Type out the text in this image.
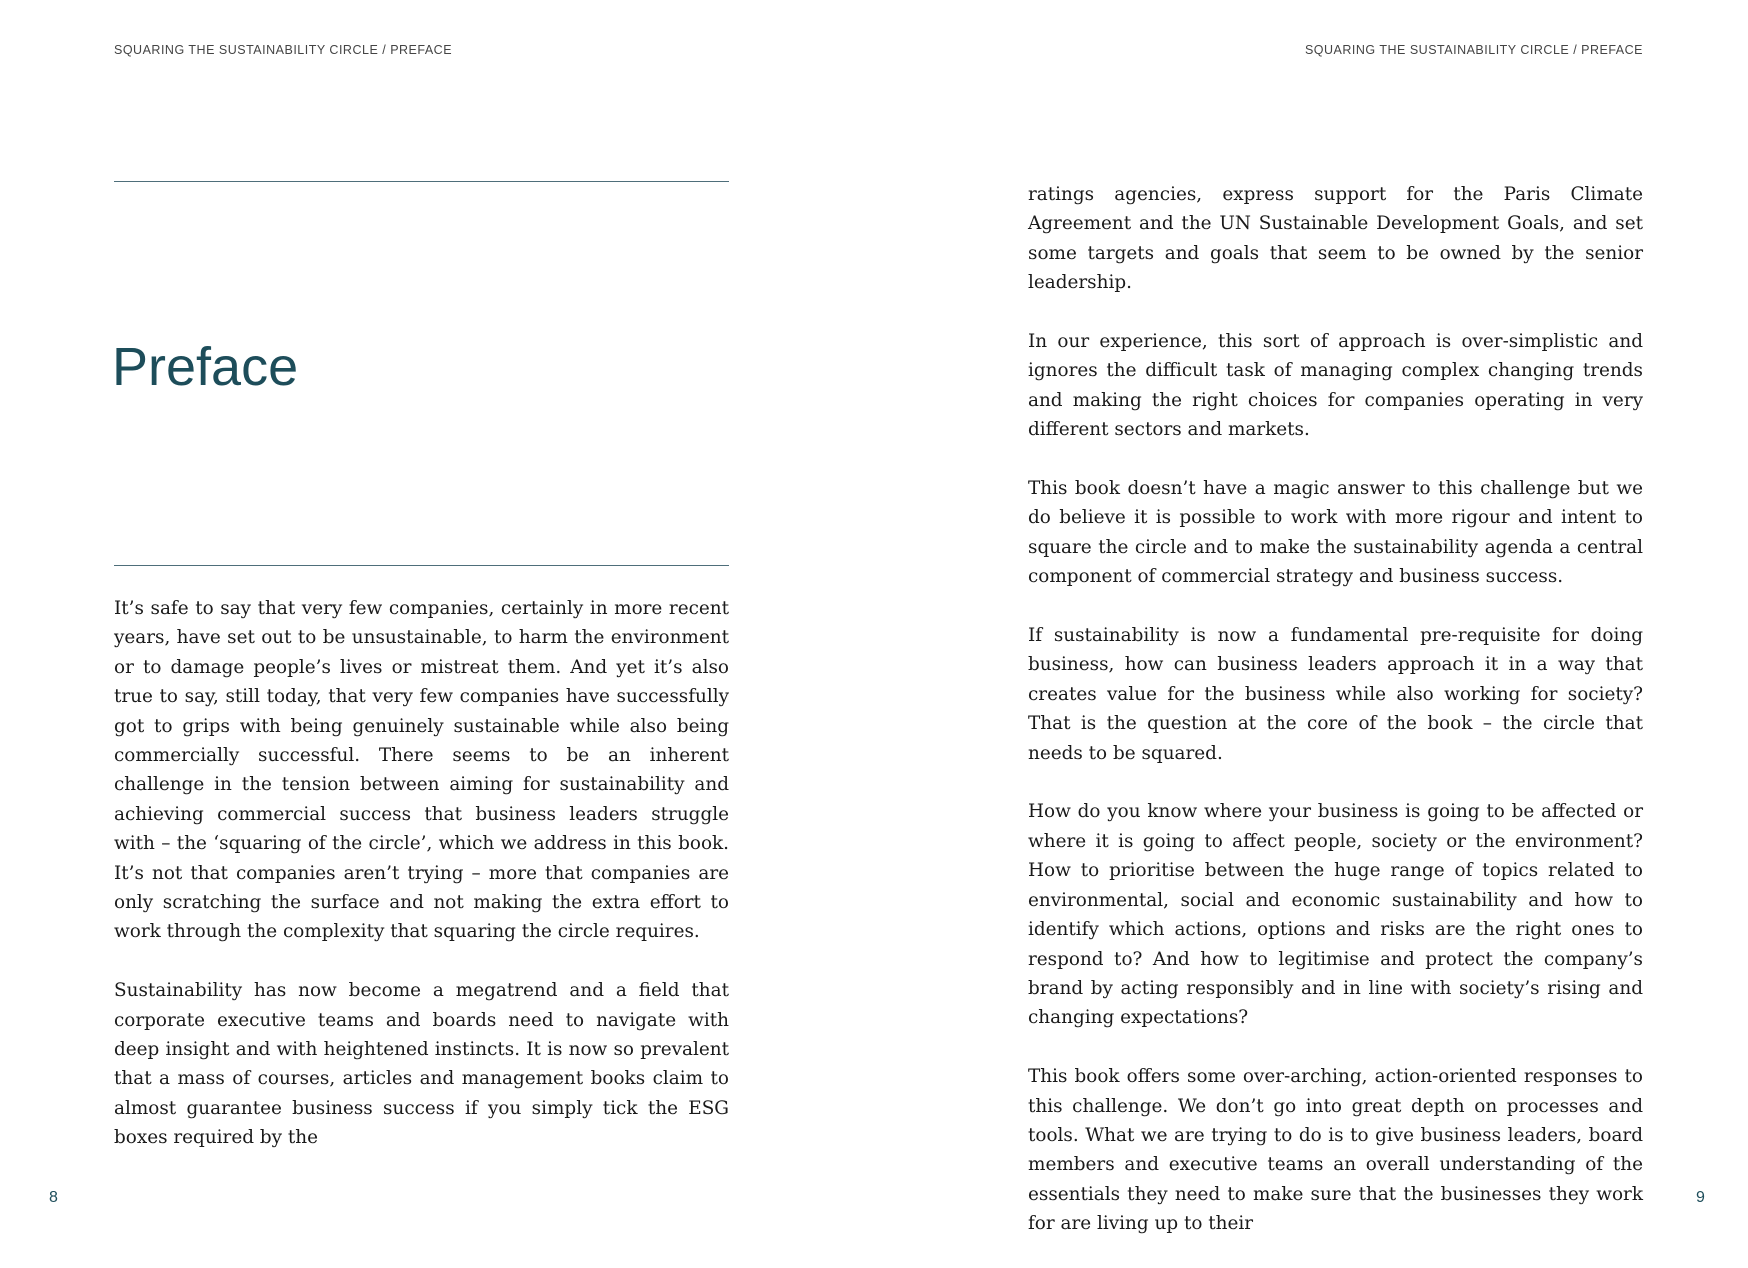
SQUARING THE SUSTAINABILITY CIRCLE / PREFACE	SQUARING THE SUSTAINABILITY CIRCLE / PREFACE
Preface

It’s safe to say that very few companies, certainly in more recent years, have set out to be unsustainable, to harm the environment or to damage people’s lives or mistreat them. And yet it’s also true to say, still today, that very few companies have successfully got to grips with being genuinely sustainable while also being commercially successful. There seems to be an inherent challenge in the tension between aiming for sustainability and achieving commercial success that business leaders struggle with – the ‘squaring of the circle’, which we address in this book. It’s not that companies aren’t trying – more that companies are only scratching the surface and not making the extra effort to work through the complexity that squaring the circle requires.

Sustainability has now become a megatrend and a field that corporate executive teams and boards need to navigate with deep insight and with heightened instincts. It is now so prevalent that a mass of courses, articles and management books claim to almost guarantee business success if you simply tick the ESG boxes required by the

ratings agencies, express support for the Paris Climate Agreement and the UN Sustainable Development Goals, and set some targets and goals that seem to be owned by the senior leadership.

In our experience, this sort of approach is over-simplistic and ignores the difficult task of managing complex changing trends and making the right choices for companies operating in very different sectors and markets.

This book doesn’t have a magic answer to this challenge but we do believe it is possible to work with more rigour and intent to square the circle and to make the sustainability agenda a central component of commercial strategy and business success.

If sustainability is now a fundamental pre-requisite for doing business, how can business leaders approach it in a way that creates value for the business while also working for society? That is the question at the core of the book – the circle that needs to be squared.

How do you know where your business is going to be affected or where it is going to affect people, society or the environment? How to prioritise between the huge range of topics related to environmental, social and economic sustainability and how to identify which actions, options and risks are the right ones to respond to? And how to legitimise and protect the company’s brand by acting responsibly and in line with society’s rising and changing expectations?

This book offers some over-arching, action-oriented responses to this challenge. We don’t go into great depth on processes and tools. What we are trying to do is to give business leaders, board members and executive teams an overall understanding of the essentials they need to make sure that the businesses they work for are living up to their

8	9
